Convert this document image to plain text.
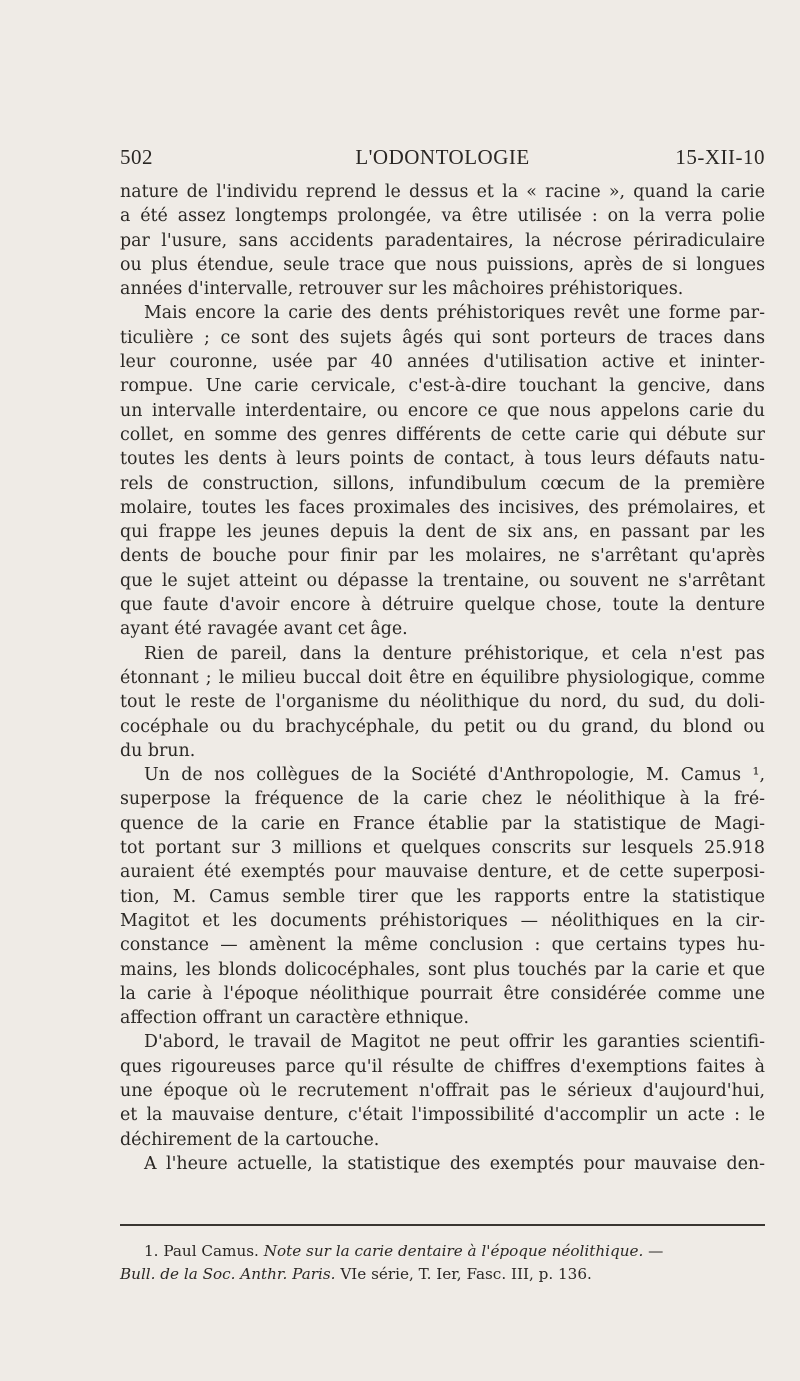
502	L'ODONTOLOGIE	15-XII-10
nature de l'individu reprend le dessus et la « racine », quand la carie
a été assez longtemps prolongée, va être utilisée : on la verra polie
par l'usure, sans accidents paradentaires, la nécrose périradiculaire
ou plus étendue, seule trace que nous puissions, après de si longues
années d'intervalle, retrouver sur les mâchoires préhistoriques.
Mais encore la carie des dents préhistoriques revêt une forme par-
ticulière ; ce sont des sujets âgés qui sont porteurs de traces dans
leur couronne, usée par 40 années d'utilisation active et ininter-
rompue. Une carie cervicale, c'est-à-dire touchant la gencive, dans
un intervalle interdentaire, ou encore ce que nous appelons carie du
collet, en somme des genres différents de cette carie qui débute sur
toutes les dents à leurs points de contact, à tous leurs défauts natu-
rels de construction, sillons, infundibulum cœcum de la première
molaire, toutes les faces proximales des incisives, des prémolaires, et
qui frappe les jeunes depuis la dent de six ans, en passant par les
dents de bouche pour finir par les molaires, ne s'arrêtant qu'après
que le sujet atteint ou dépasse la trentaine, ou souvent ne s'arrêtant
que faute d'avoir encore à détruire quelque chose, toute la denture
ayant été ravagée avant cet âge.
Rien de pareil, dans la denture préhistorique, et cela n'est pas
étonnant ; le milieu buccal doit être en équilibre physiologique, comme
tout le reste de l'organisme du néolithique du nord, du sud, du doli-
cocéphale ou du brachycéphale, du petit ou du grand, du blond ou
du brun.
Un de nos collègues de la Société d'Anthropologie, M. Camus ¹,
superpose la fréquence de la carie chez le néolithique à la fré-
quence de la carie en France établie par la statistique de Magi-
tot portant sur 3 millions et quelques conscrits sur lesquels 25.918
auraient été exemptés pour mauvaise denture, et de cette superposi-
tion, M. Camus semble tirer que les rapports entre la statistique
Magitot et les documents préhistoriques — néolithiques en la cir-
constance — amènent la même conclusion : que certains types hu-
mains, les blonds dolicocéphales, sont plus touchés par la carie et que
la carie à l'époque néolithique pourrait être considérée comme une
affection offrant un caractère ethnique.
D'abord, le travail de Magitot ne peut offrir les garanties scientifi-
ques rigoureuses parce qu'il résulte de chiffres d'exemptions faites à
une époque où le recrutement n'offrait pas le sérieux d'aujourd'hui,
et la mauvaise denture, c'était l'impossibilité d'accomplir un acte : le
déchirement de la cartouche.
A l'heure actuelle, la statistique des exemptés pour mauvaise den-
1. Paul Camus. Note sur la carie dentaire à l'époque néolithique. —
Bull. de la Soc. Anthr. Paris. VIe série, T. Ier, Fasc. III, p. 136.
